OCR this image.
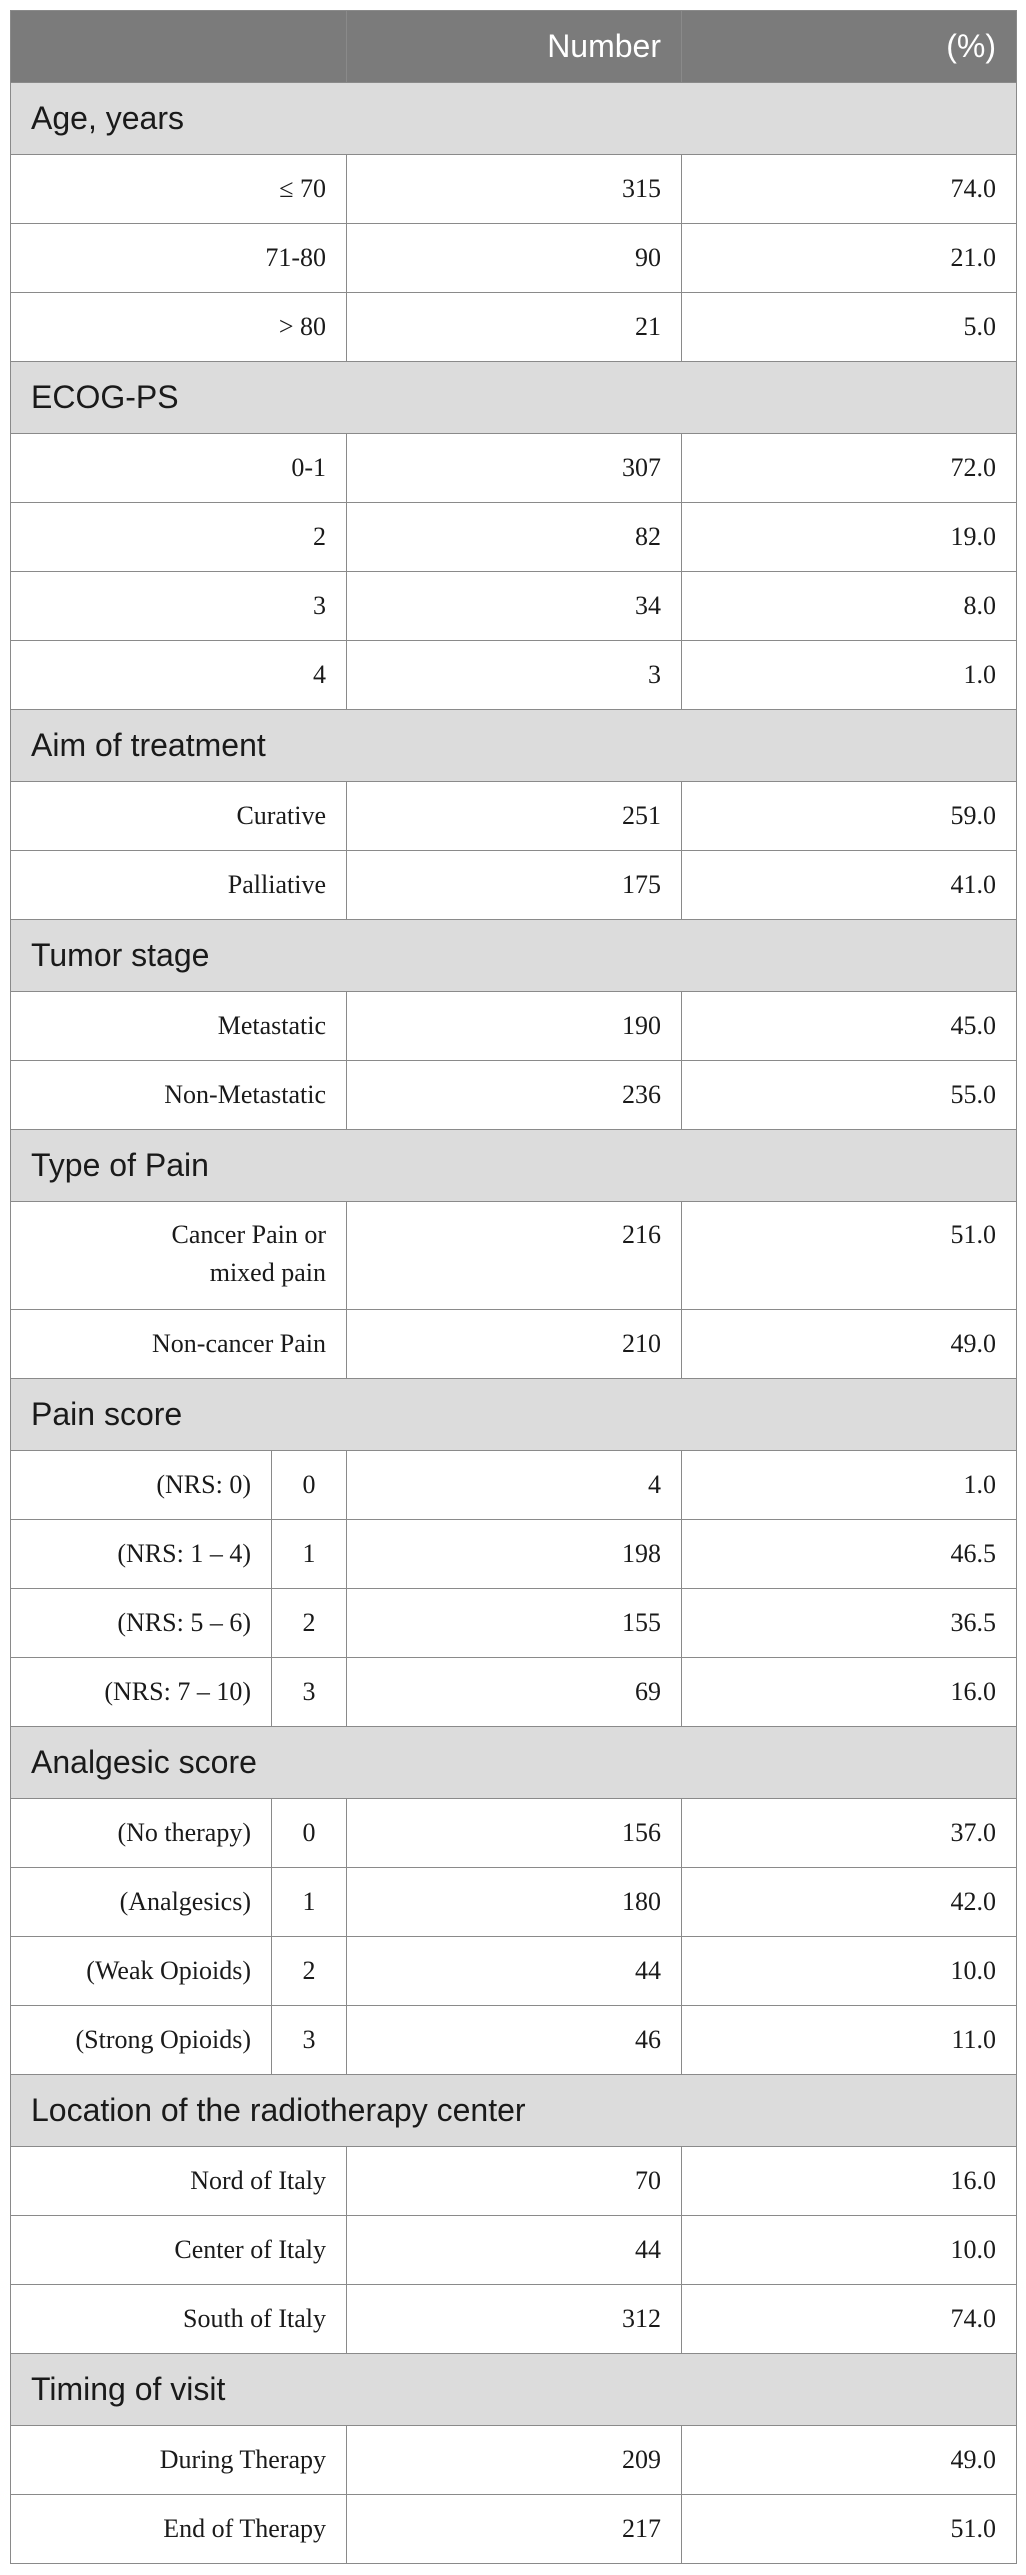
		Number	(%)
Age, years			
≤ 70		315	74.0
71-80		90	21.0
> 80		21	5.0
ECOG-PS			
0-1		307	72.0
2		82	19.0
3		34	8.0
4		3	1.0
Aim of treatment			
Curative		251	59.0
Palliative		175	41.0
Tumor stage			
Metastatic		190	45.0
Non-Metastatic		236	55.0
Type of Pain			
Cancer Pain or
mixed pain		216	51.0
Non-cancer Pain		210	49.0
Pain score			
(NRS: 0)	0	4	1.0
(NRS: 1 – 4)	1	198	46.5
(NRS: 5 – 6)	2	155	36.5
(NRS: 7 – 10)	3	69	16.0
Analgesic score			
(No therapy)	0	156	37.0
(Analgesics)	1	180	42.0
(Weak Opioids)	2	44	10.0
(Strong Opioids)	3	46	11.0
Location of the radiotherapy center			
Nord of Italy		70	16.0
Center of Italy		44	10.0
South of Italy		312	74.0
Timing of visit			
During Therapy		209	49.0
End of Therapy		217	51.0
